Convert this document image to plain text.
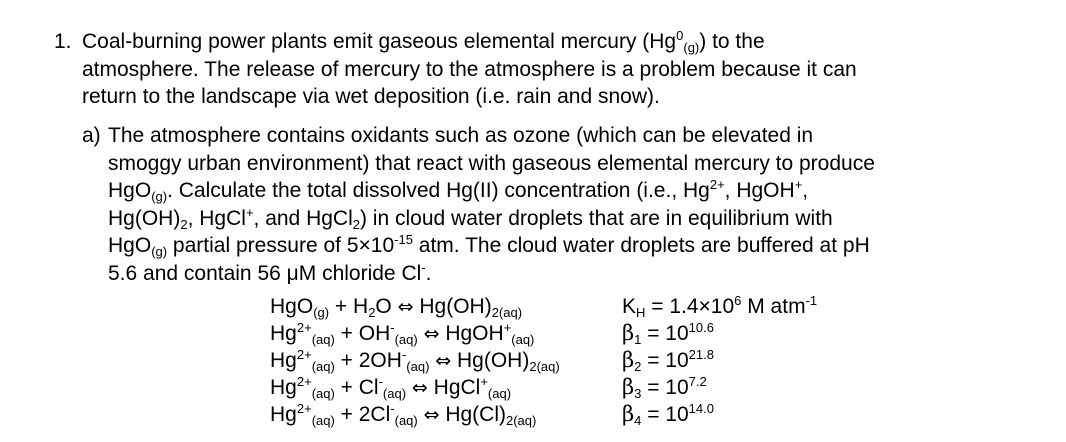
1. Coal-burning power plants emit gaseous elemental mercury $(Hg^0_{(g)})$ to the
atmosphere. The release of mercury to the atmosphere is a problem because it can
return to the landscape via wet deposition (i.e. rain and snow).
a) The atmosphere contains oxidants such as ozone (which can be elevated in
smoggy urban environment) that react with gaseous elemental mercury to produce
HgO$_{(g)}$. Calculate the total dissolved Hg(II) concentration (i.e., $Hg^{2+}$, HgOH+,
$Hg(OH)_2$, HgCl+, and HgCl$_2$) in cloud water droplets that are in equilibrium with
HgO$_{(g)}$ partial pressure of $5\times 10^{-15}$ atm. The cloud water droplets are buffered at pH
5.6 and contain 56 μM chloride Cl-.
$HgO_{(g)} + H_2O$ ⇔ $Hg(OH)_{2(aq)}$	$K_H = 1.4\times 10^6$ M atm$^{-1}$
$Hg^{2+}_{(aq)} + OH^-_{(aq)}$ ⇔ HgOH+$_{(aq)}$	$\beta_1 = 10^{10.6}$
$Hg^{2+}_{(aq)} + 2OH^-_{(aq)}$ ⇔ $Hg(OH)_{2(aq)}$	$\beta_2 = 10^{21.8}$
$Hg^{2+}_{(aq)} + Cl^-_{(aq)}$ ⇔ HgCl+$_{(aq)}$	$\beta_3 = 10^{7.2}$
$Hg^{2+}_{(aq)} + 2Cl^-_{(aq)}$ ⇔ $Hg(Cl)_{2(aq)}$	$\beta_4 = 10^{14.0}$
